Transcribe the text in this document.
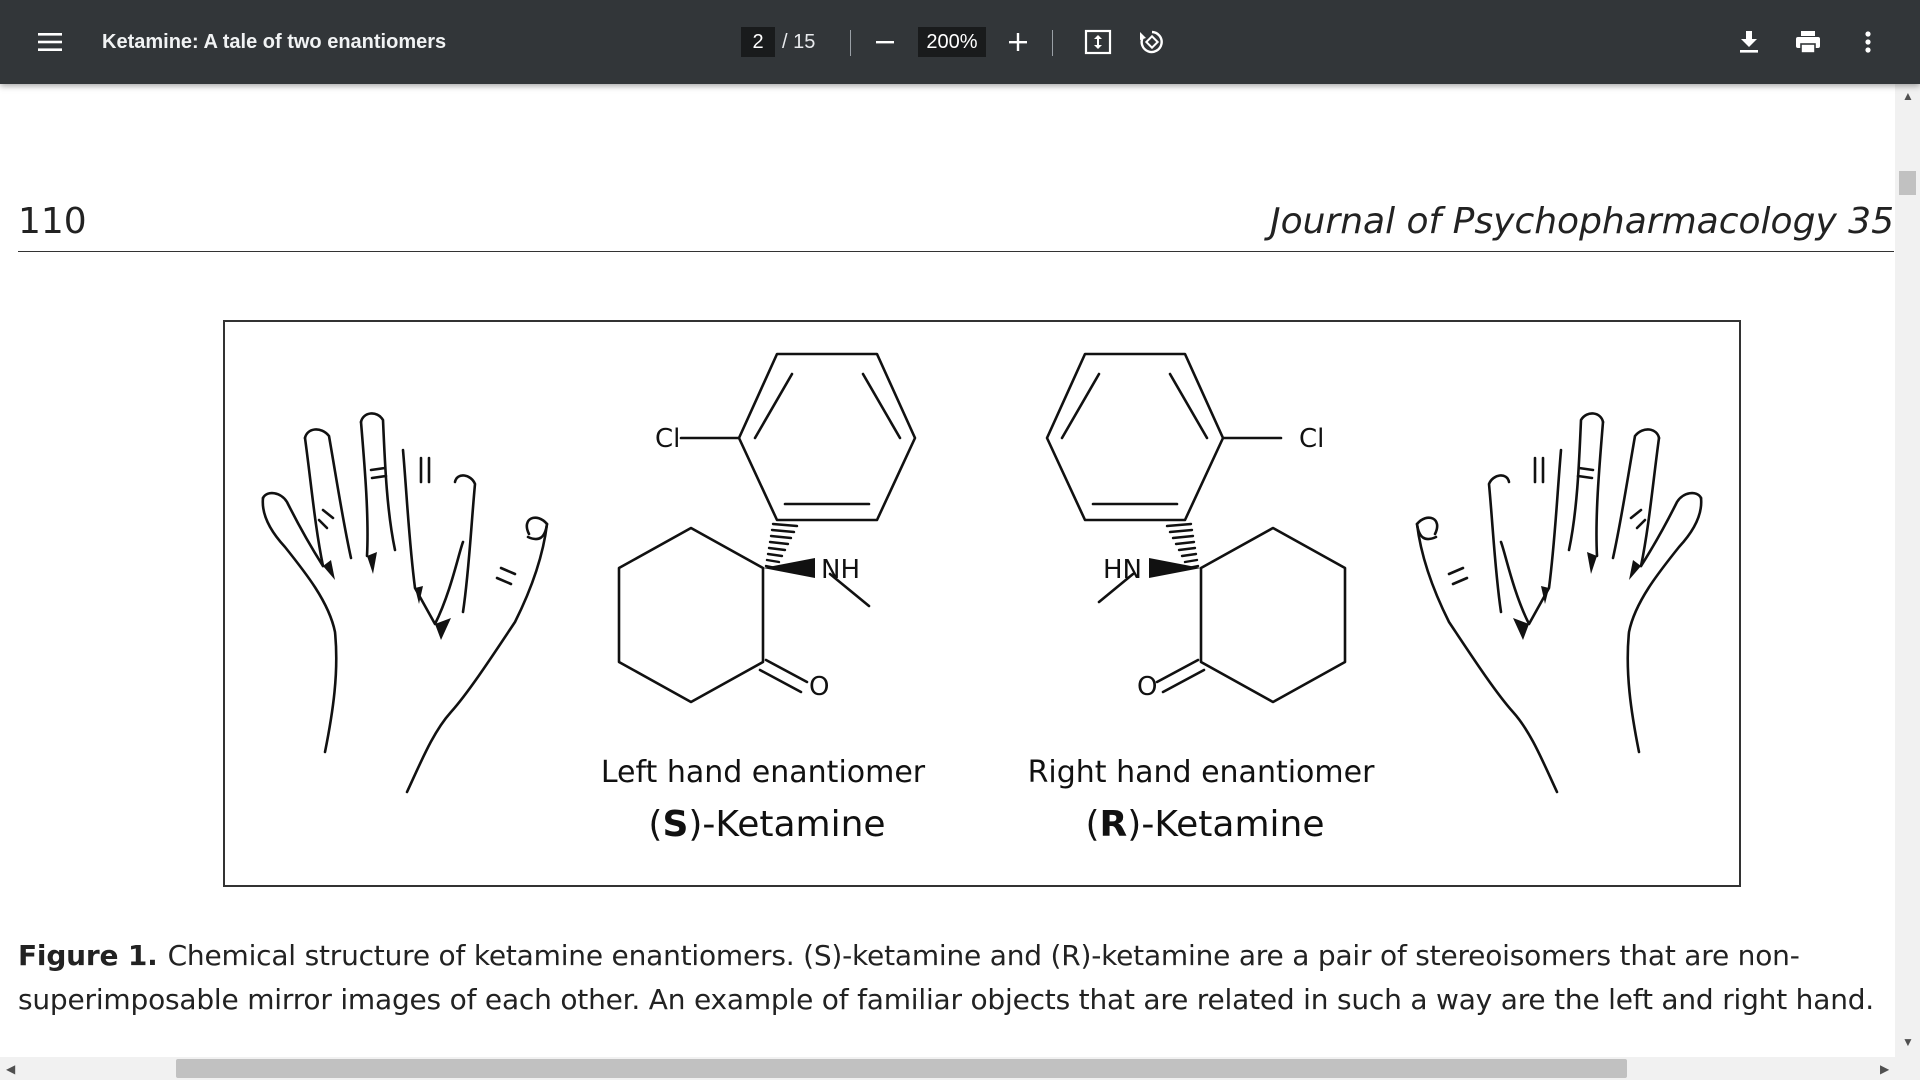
Ketamine: A tale of two enantiomers	2 / 15	200%
110	Journal of Psychopharmacology 35
Cl
NH
O
Cl
HN
O
Left hand enantiomer
(S)-Ketamine
Right hand enantiomer
(R)-Ketamine
Figure 1. Chemical structure of ketamine enantiomers. (S)-ketamine and (R)-ketamine are a pair of stereoisomers that are non-superimposable mirror images of each other. An example of familiar objects that are related in such a way are the left and right hand.
▲
▼
◀	▶
